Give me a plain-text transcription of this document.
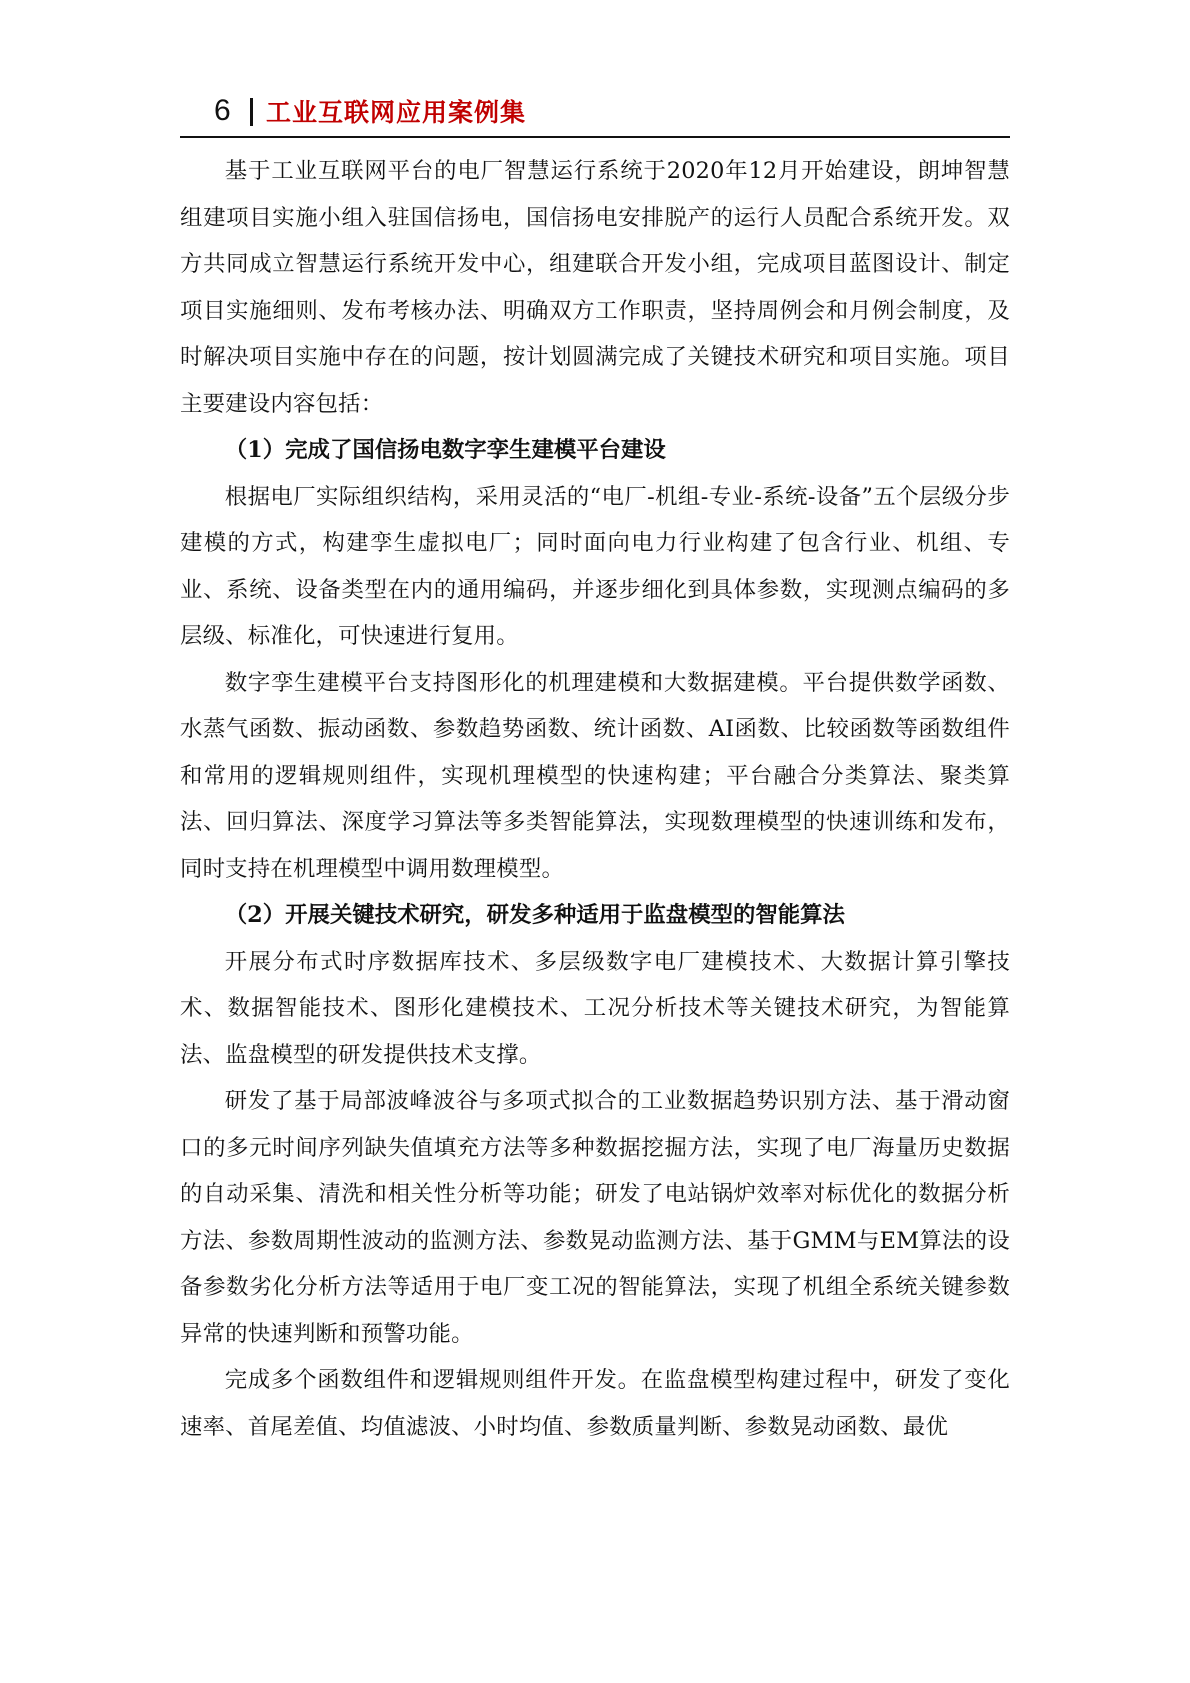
6 工业互联网应用案例集

基于工业互联网平台的电厂智慧运行系统于2020年12月开始建设，朗坤智慧组建项目实施小组入驻国信扬电，国信扬电安排脱产的运行人员配合系统开发。双方共同成立智慧运行系统开发中心，组建联合开发小组，完成项目蓝图设计、制定项目实施细则、发布考核办法、明确双方工作职责，坚持周例会和月例会制度，及时解决项目实施中存在的问题，按计划圆满完成了关键技术研究和项目实施。项目主要建设内容包括：

（1）完成了国信扬电数字孪生建模平台建设

根据电厂实际组织结构，采用灵活的“电厂-机组-专业-系统-设备”五个层级分步建模的方式，构建孪生虚拟电厂；同时面向电力行业构建了包含行业、机组、专业、系统、设备类型在内的通用编码，并逐步细化到具体参数，实现测点编码的多层级、标准化，可快速进行复用。

数字孪生建模平台支持图形化的机理建模和大数据建模。平台提供数学函数、水蒸气函数、振动函数、参数趋势函数、统计函数、AI函数、比较函数等函数组件和常用的逻辑规则组件，实现机理模型的快速构建；平台融合分类算法、聚类算法、回归算法、深度学习算法等多类智能算法，实现数理模型的快速训练和发布，同时支持在机理模型中调用数理模型。

（2）开展关键技术研究，研发多种适用于监盘模型的智能算法

开展分布式时序数据库技术、多层级数字电厂建模技术、大数据计算引擎技术、数据智能技术、图形化建模技术、工况分析技术等关键技术研究，为智能算法、监盘模型的研发提供技术支撑。

研发了基于局部波峰波谷与多项式拟合的工业数据趋势识别方法、基于滑动窗口的多元时间序列缺失值填充方法等多种数据挖掘方法，实现了电厂海量历史数据的自动采集、清洗和相关性分析等功能；研发了电站锅炉效率对标优化的数据分析方法、参数周期性波动的监测方法、参数晃动监测方法、基于GMM与EM算法的设备参数劣化分析方法等适用于电厂变工况的智能算法，实现了机组全系统关键参数异常的快速判断和预警功能。

完成多个函数组件和逻辑规则组件开发。在监盘模型构建过程中，研发了变化速率、首尾差值、均值滤波、小时均值、参数质量判断、参数晃动函数、最优
